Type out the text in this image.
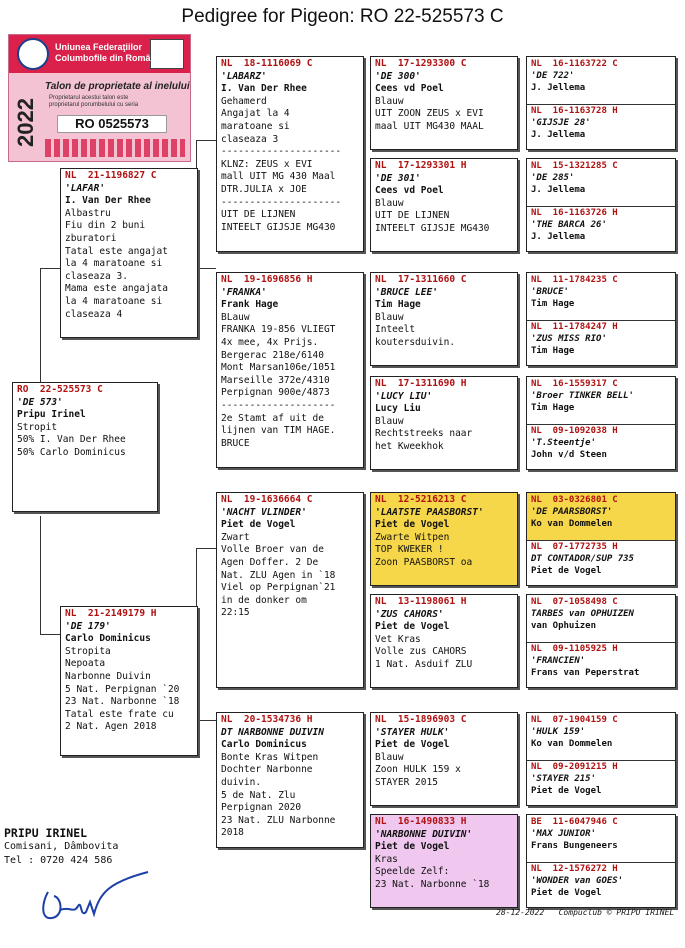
Pedigree for Pigeon: RO 22-525573 C
Uniunea Federaţiilor
Columbofile din România
2022
Talon de proprietate al inelului
Proprietarul acestui talon este
proprietarul porumbelului cu seria
RO 0525573
RO  22-525573 C
'DE 573'
Pripu Irinel
Stropit
50% I. Van Der Rhee
50% Carlo Dominicus
NL  21-1196827 C
'LAFAR'
I. Van Der Rhee
Albastru
Fiu din 2 buni
zburatori
Tatal este angajat
la 4 maratoane si
claseaza 3.
Mama este angajata
la 4 maratoane si
claseaza 4
NL  21-2149179 H
'DE 179'
Carlo Dominicus
Stropita
Nepoata
Narbonne Duivin
5 Nat. Perpignan `20
23 Nat. Narbonne `18
Tatal este frate cu
2 Nat. Agen 2018
NL  18-1116069 C
'LABARZ'
I. Van Der Rhee
Gehamerd
Angajat la 4
maratoane si
claseaza 3
---------------------
KLNZ: ZEUS x EVI
mall UIT MG 430 Maal
DTR.JULIA x JOE
---------------------
UIT DE LIJNEN
INTEELT GIJSJE MG430
NL  19-1696856 H
'FRANKA'
Frank Hage
BLauw
FRANKA 19-856 VLIEGT
4x mee, 4x Prijs.
Bergerac 218e/6140
Mont Marsan106e/1051
Marseille 372e/4310
Perpignan 900e/4873
--------------------
2e Stamt af uit de
lijnen van TIM HAGE.
BRUCE
NL  19-1636664 C
'NACHT VLINDER'
Piet de Vogel
Zwart
Volle Broer van de
Agen Doffer. 2 De
Nat. ZLU Agen in `18
Viel op Perpignan`21
in de donker om
22:15
NL  20-1534736 H
DT NARBONNE DUIVIN
Carlo Dominicus
Bonte Kras Witpen
Dochter Narbonne
duivin.
5 de Nat. Zlu
Perpignan 2020
23 Nat. ZLU Narbonne
2018
NL  17-1293300 C
'DE 300'
Cees vd Poel
Blauw
UIT ZOON ZEUS x EVI
maal UIT MG430 MAAL
NL  17-1293301 H
'DE 301'
Cees vd Poel
Blauw
UIT DE LIJNEN
INTEELT GIJSJE MG430
NL  17-1311660 C
'BRUCE LEE'
Tim Hage
Blauw
Inteelt
koutersduivin.
NL  17-1311690 H
'LUCY LIU'
Lucy Liu
Blauw
Rechtstreeks naar
het Kweekhok
NL  12-5216213 C
'LAATSTE PAASBORST'
Piet de Vogel
Zwarte Witpen
TOP KWEKER !
Zoon PAASBORST oa
NL  13-1198061 H
'ZUS CAHORS'
Piet de Vogel
Vet Kras
Volle zus CAHORS
1 Nat. Asduif ZLU
NL  15-1896903 C
'STAYER HULK'
Piet de Vogel
Blauw
Zoon HULK 159 x
STAYER 2015
NL  16-1490833 H
'NARBONNE DUIVIN'
Piet de Vogel
Kras
Speelde Zelf:
23 Nat. Narbonne `18
NL  16-1163722 C
'DE 722'
J. Jellema
NL  16-1163728 H
'GIJSJE 28'
J. Jellema
NL  15-1321285 C
'DE 285'
J. Jellema
NL  16-1163726 H
'THE BARCA 26'
J. Jellema
NL  11-1784235 C
'BRUCE'
Tim Hage
NL  11-1784247 H
'ZUS MISS RIO'
Tim Hage
NL  16-1559317 C
'Broer TINKER BELL'
Tim Hage
NL  09-1092038 H
'T.Steentje'
John v/d Steen
NL  03-0326801 C
'DE PAARSBORST'
Ko van Dommelen
NL  07-1772735 H
DT CONTADOR/SUP 735
Piet de Vogel
NL  07-1058498 C
TARBES van OPHUIZEN
van Ophuizen
NL  09-1105925 H
'FRANCIEN'
Frans van Peperstrat
NL  07-1904159 C
'HULK 159'
Ko van Dommelen
NL  09-2091215 H
'STAYER 215'
Piet de Vogel
BE  11-6047946 C
'MAX JUNIOR'
Frans Bungeneers
NL  12-1576272 H
'WONDER van GOES'
Piet de Vogel
PRIPU IRINEL
Comisani, Dâmbovita
Tel : 0720 424 586
28-12-2022   Compuclub © PRIPU IRINEL
